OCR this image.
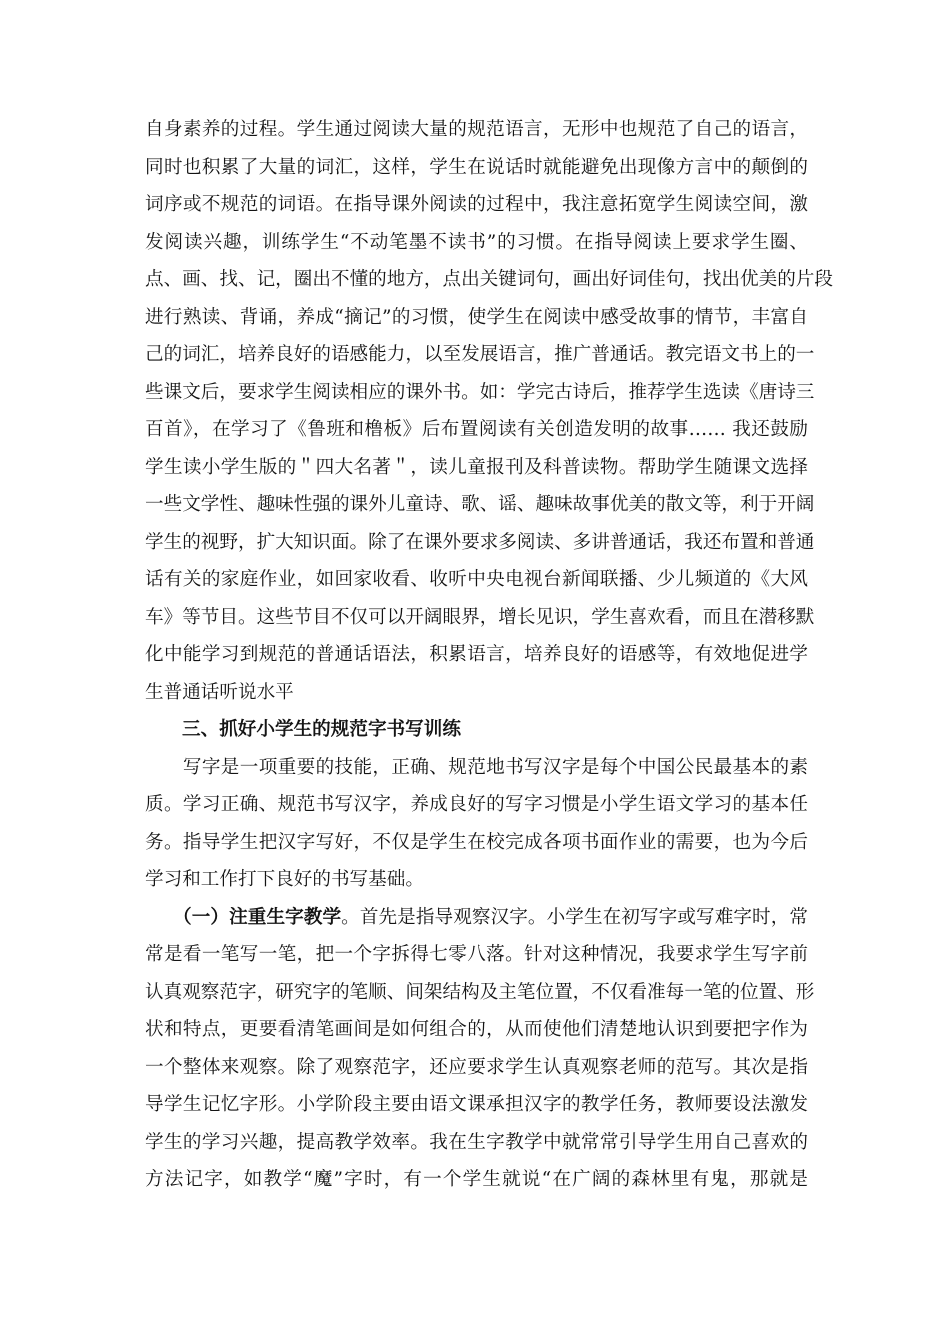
自身素养的过程。学生通过阅读大量的规范语言，无形中也规范了自己的语言，
同时也积累了大量的词汇，这样，学生在说话时就能避免出现像方言中的颠倒的
词序或不规范的词语。在指导课外阅读的过程中，我注意拓宽学生阅读空间，激
发阅读兴趣，训练学生“不动笔墨不读书”的习惯。在指导阅读上要求学生圈、
点、画、找、记，圈出不懂的地方，点出关键词句，画出好词佳句，找出优美的片段
进行熟读、背诵，养成“摘记”的习惯，使学生在阅读中感受故事的情节，丰富自
己的词汇，培养良好的语感能力，以至发展语言，推广普通话。教完语文书上的一
些课文后，要求学生阅读相应的课外书。如：学完古诗后，推荐学生选读《唐诗三
百首》，在学习了《鲁班和橹板》后布置阅读有关创造发明的故事…… 我还鼓励
学生读小学生版的＂四大名著＂，读儿童报刊及科普读物。帮助学生随课文选择
一些文学性、趣味性强的课外儿童诗、歌、谣、趣味故事优美的散文等，利于开阔
学生的视野，扩大知识面。除了在课外要求多阅读、多讲普通话，我还布置和普通
话有关的家庭作业，如回家收看、收听中央电视台新闻联播、少儿频道的《大风
车》等节目。这些节目不仅可以开阔眼界，增长见识，学生喜欢看，而且在潜移默
化中能学习到规范的普通话语法，积累语言，培养良好的语感等，有效地促进学
生普通话听说水平
三、抓好小学生的规范字书写训练
　　写字是一项重要的技能，正确、规范地书写汉字是每个中国公民最基本的素
质。学习正确、规范书写汉字，养成良好的写字习惯是小学生语文学习的基本任
务。指导学生把汉字写好，不仅是学生在校完成各项书面作业的需要，也为今后
学习和工作打下良好的书写基础。
　　（一）注重生字教学。首先是指导观察汉字。小学生在初写字或写难字时，常
常是看一笔写一笔，把一个字拆得七零八落。针对这种情况，我要求学生写字前
认真观察范字，研究字的笔顺、间架结构及主笔位置，不仅看准每一笔的位置、形
状和特点，更要看清笔画间是如何组合的，从而使他们清楚地认识到要把字作为
一个整体来观察。除了观察范字，还应要求学生认真观察老师的范写。其次是指
导学生记忆字形。小学阶段主要由语文课承担汉字的教学任务，教师要设法激发
学生的学习兴趣，提高教学效率。我在生字教学中就常常引导学生用自己喜欢的
方法记字，如教学“魔”字时，有一个学生就说“在广阔的森林里有鬼，那就是
